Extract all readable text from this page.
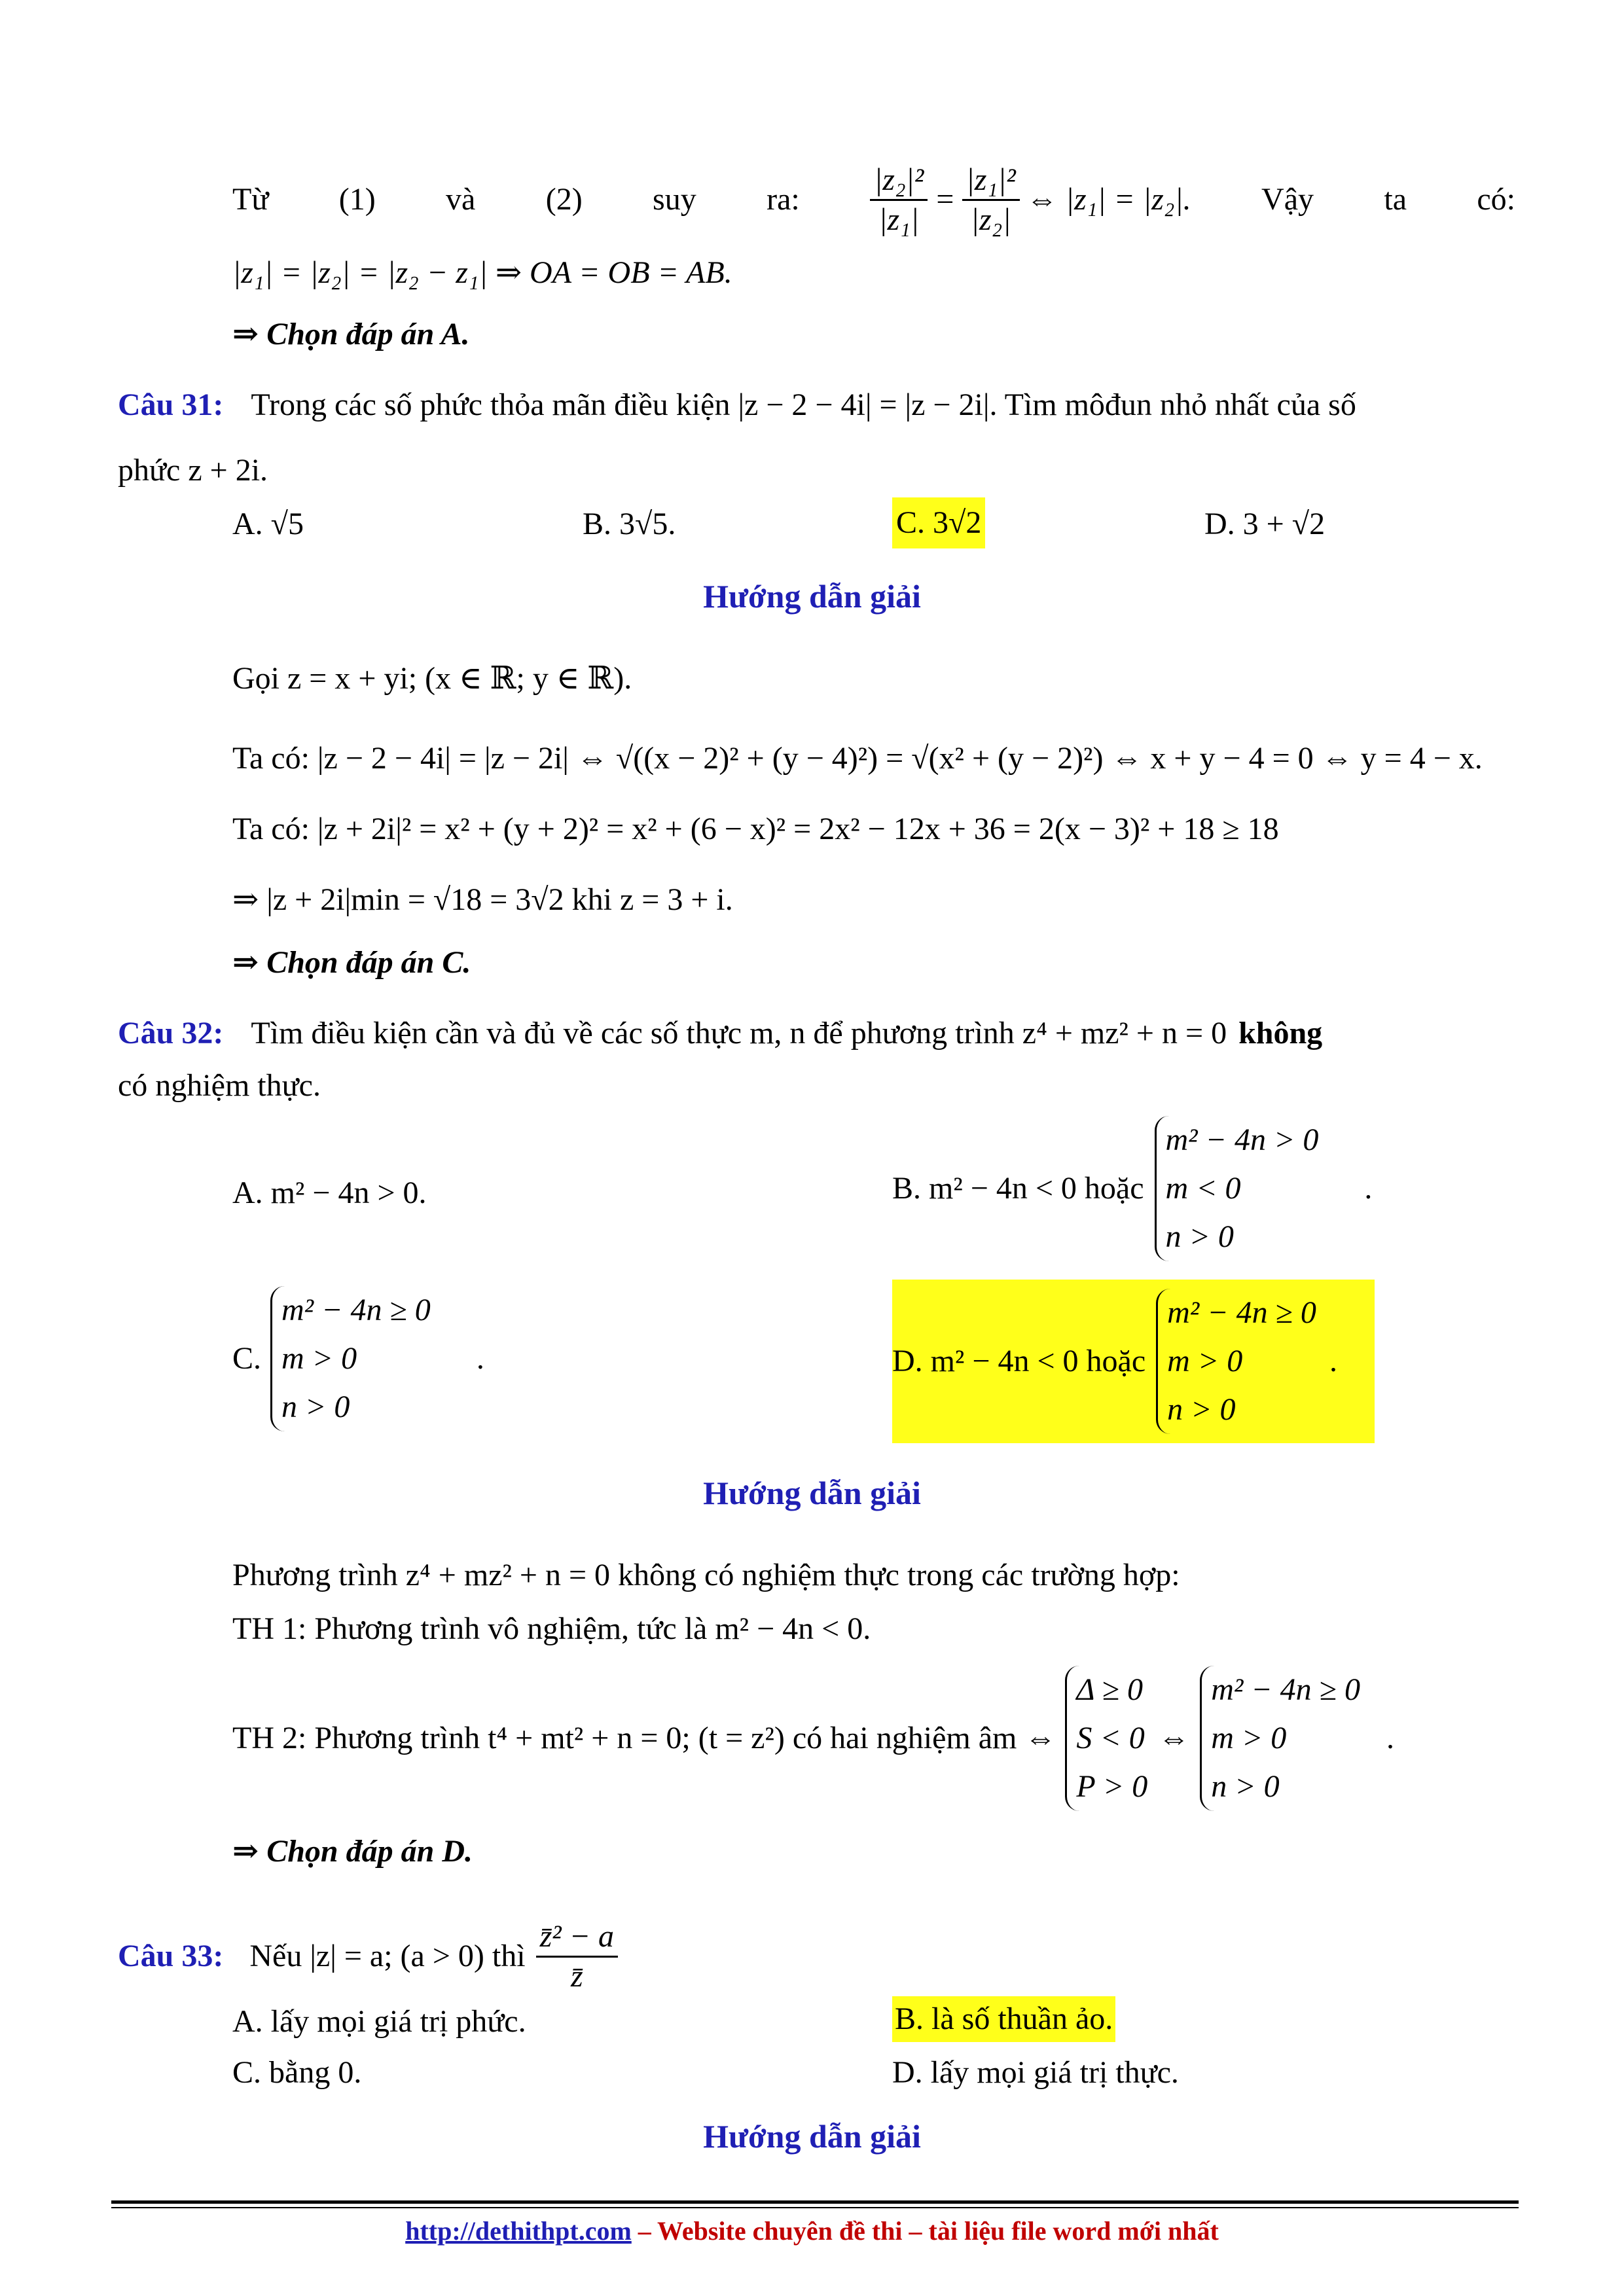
Từ (1) và (2) suy ra: $\frac{\text{|z₂|²}}{\text{|z₁|}} = \frac{\text{|z₁|²}}{\text{|z₂|}}$ ⇔ |z₁| = |z₂|. Vậy ta có:
|z₁| = |z₂| = |z₂ − z₁| ⇒ OA = OB = AB.
⇒ Chọn đáp án A.
Câu 31: Trong các số phức thỏa mãn điều kiện |z − 2 − 4i| = |z − 2i|. Tìm môđun nhỏ nhất của số
phức z + 2i.
A. √5	B. 3√5.	C. 3√2	D. 3 + √2
Hướng dẫn giải
Gọi z = x + yi; (x ∈ ℝ; y ∈ ℝ).
Ta có: |z − 2 − 4i| = |z − 2i| ⇔ √((x − 2)² + (y − 4)²) = √(x² + (y − 2)²) ⇔ x + y − 4 = 0 ⇔ y = 4 − x.
Ta có: |z + 2i|² = x² + (y + 2)² = x² + (6 − x)² = 2x² − 12x + 36 = 2(x − 3)² + 18 ≥ 18
⇒ |z + 2i|min = √18 = 3√2 khi z = 3 + i.
⇒ Chọn đáp án C.
Câu 32: Tìm điều kiện cần và đủ về các số thực m, n để phương trình z⁴ + mz² + n = 0 không
có nghiệm thực.
A. m² − 4n > 0.	B. m² − 4n < 0 hoặc
m² − 4n > 0
m < 0
n > 0
.
C.
m² − 4n ≥ 0
m > 0
n > 0
.	D. m² − 4n < 0 hoặc
m² − 4n ≥ 0
m > 0
n > 0
.
Hướng dẫn giải
Phương trình z⁴ + mz² + n = 0 không có nghiệm thực trong các trường hợp:
TH 1: Phương trình vô nghiệm, tức là m² − 4n < 0.
TH 2: Phương trình t⁴ + mt² + n = 0; (t = z²) có hai nghiệm âm ⇔
Δ ≥ 0
S < 0
P > 0
⇔
m² − 4n ≥ 0
m > 0
n > 0
.
⇒ Chọn đáp án D.
Câu 33: Nếu |z| = a; (a > 0) thì $\frac{\text{z̄² − a}}{z̄}$
A. lấy mọi giá trị phức.	B. là số thuần ảo.
C. bằng 0.	D. lấy mọi giá trị thực.
Hướng dẫn giải
http://dethithpt.com – Website chuyên đề thi – tài liệu file word mới nhất
